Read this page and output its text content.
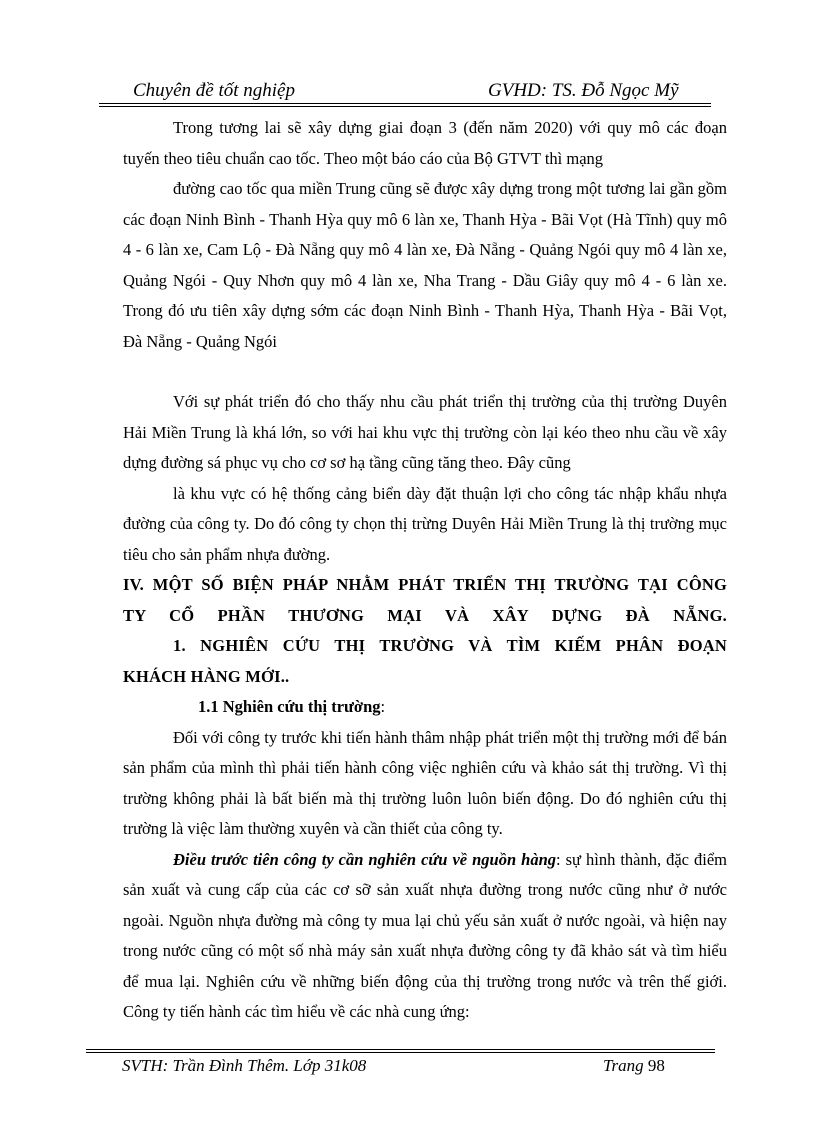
Chuyên đề tốt nghiệp	GVHD: TS. Đỗ Ngọc Mỹ

Trong tương lai sẽ xây dựng giai đoạn 3 (đến năm 2020) với quy mô các đoạn tuyến theo tiêu chuẩn cao tốc. Theo một báo cáo của Bộ GTVT thì mạng

đường cao tốc qua miền Trung cũng sẽ được xây dựng trong một tương lai gần gồm các đoạn Ninh Bình - Thanh Hỳa quy mô 6 làn xe, Thanh Hỳa - Bãi Vọt (Hà Tĩnh) quy mô 4 - 6 làn xe, Cam Lộ - Đà Nẵng quy mô 4 làn xe, Đà Nẵng - Quảng Ngói quy mô 4 làn xe, Quảng Ngói - Quy Nhơn quy mô 4 làn xe, Nha Trang - Dầu Giây quy mô 4 - 6 làn xe. Trong đó ưu tiên xây dựng sớm các đoạn Ninh Bình - Thanh Hỳa, Thanh Hỳa - Bãi Vọt, Đà Nẵng - Quảng Ngói

Với sự phát triển đó cho thấy nhu cầu phát triển thị trường của thị trường Duyên Hải Miền Trung là khá lớn, so với hai khu vực thị trường còn lại kéo theo nhu cầu về xây dựng đường sá phục vụ cho cơ sơ hạ tầng cũng tăng theo. Đây cũng

là khu vực có hệ thống cảng biển dày đặt thuận lợi cho công tác nhập khẩu nhựa đường của công ty. Do đó công ty chọn thị trừng Duyên Hải Miền Trung là thị trường mục tiêu cho sản phẩm nhựa đường.

IV. MỘT SỐ BIỆN PHÁP NHẰM PHÁT TRIỂN THỊ TRƯỜNG TẠI CÔNG
TY CỔ PHẦN THƯƠNG MẠI VÀ XÂY DỰNG ĐÀ NẴNG.
1. NGHIÊN CỨU THỊ TRƯỜNG VÀ TÌM KIẾM PHÂN ĐOẠN
KHÁCH HÀNG MỚI..

1.1 Nghiên cứu thị trường:

Đối với công ty trước khi tiến hành thâm nhập phát triển một thị trường mới để bán sản phẩm của mình thì phải tiến hành công việc nghiên cứu và khảo sát thị trường. Vì thị trường không phải là bất biến mà thị trường luôn luôn biến động. Do đó nghiên cứu thị trường là việc làm thường xuyên và cần thiết của công ty.

Điều trước tiên công ty cần nghiên cứu về nguồn hàng: sự hình thành, đặc điểm sản xuất và cung cấp của các cơ sỡ sản xuất nhựa đường trong nước cũng như ở nước ngoài. Nguồn nhựa đường mà công ty mua lại chủ yếu sản xuất ở nước ngoài, và hiện nay trong nước cũng có một số nhà máy sản xuất nhựa đường công ty đã khảo sát và tìm hiểu để mua lại. Nghiên cứu về những biến động của thị trường trong nước và trên thế giới. Công ty tiến hành các tìm hiểu về các nhà cung ứng:

SVTH: Trần Đình Thêm. Lớp 31k08	Trang 98
